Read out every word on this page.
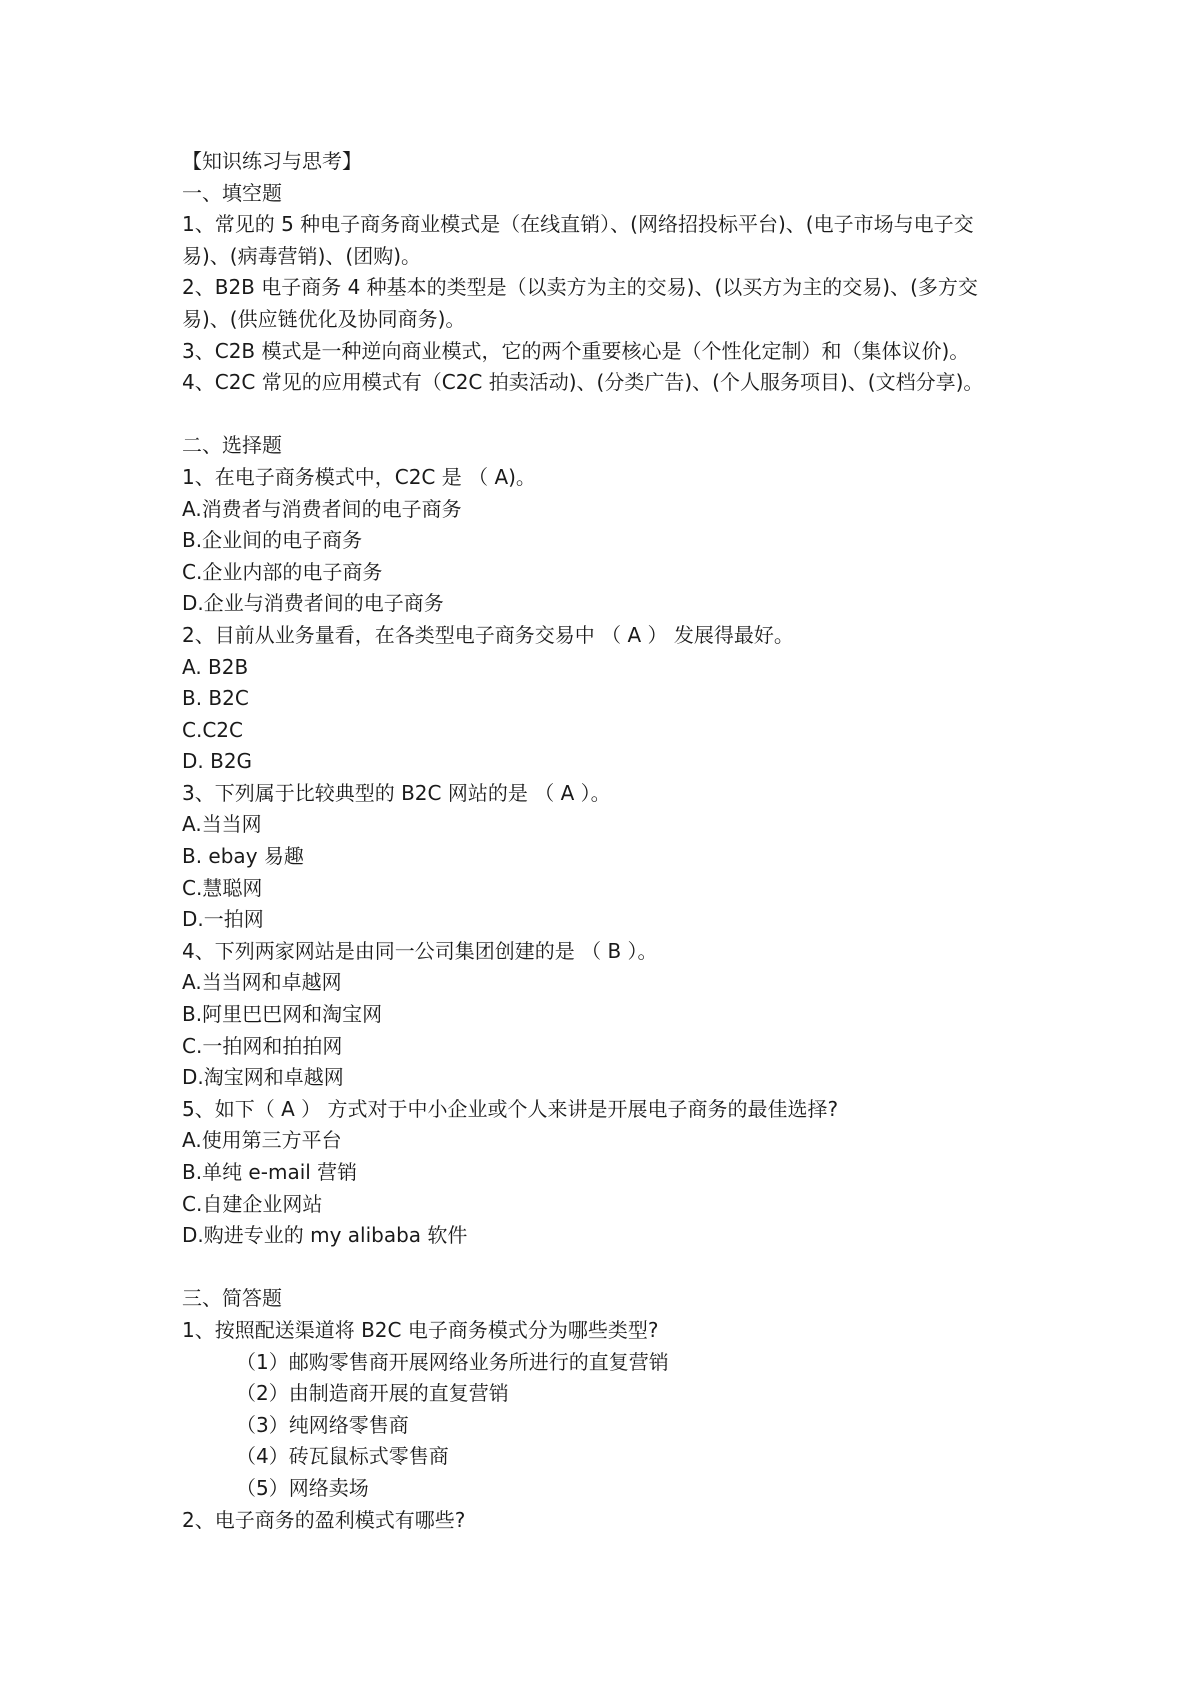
【知识练习与思考】
一、填空题
1、常见的 5 种电子商务商业模式是（在线直销）、(网络招投标平台)、(电子市场与电子交
易)、(病毒营销)、(团购)。
2、B2B 电子商务 4 种基本的类型是（以卖方为主的交易)、(以买方为主的交易)、(多方交
易)、(供应链优化及协同商务)。
3、C2B 模式是一种逆向商业模式，它的两个重要核心是（个性化定制）和（集体议价)。
4、C2C 常见的应用模式有（C2C 拍卖活动)、(分类广告)、(个人服务项目)、(文档分享)。
二、选择题
1、在电子商务模式中，C2C 是 （ A)。
A.消费者与消费者间的电子商务
B.企业间的电子商务
C.企业内部的电子商务
D.企业与消费者间的电子商务
2、目前从业务量看，在各类型电子商务交易中 （ A ） 发展得最好。
A. B2B
B. B2C
C.C2C
D. B2G
3、下列属于比较典型的 B2C 网站的是 （ A ）。
A.当当网
B. ebay 易趣
C.慧聪网
D.一拍网
4、下列两家网站是由同一公司集团创建的是 （ B ）。
A.当当网和卓越网
B.阿里巴巴网和淘宝网
C.一拍网和拍拍网
D.淘宝网和卓越网
5、如下（ A ） 方式对于中小企业或个人来讲是开展电子商务的最佳选择?
A.使用第三方平台
B.单纯 e-mail 营销
C.自建企业网站
D.购进专业的 my alibaba 软件
三、简答题
1、按照配送渠道将 B2C 电子商务模式分为哪些类型?
（1）邮购零售商开展网络业务所进行的直复营销
（2）由制造商开展的直复营销
（3）纯网络零售商
（4）砖瓦鼠标式零售商
（5）网络卖场
2、电子商务的盈利模式有哪些?
